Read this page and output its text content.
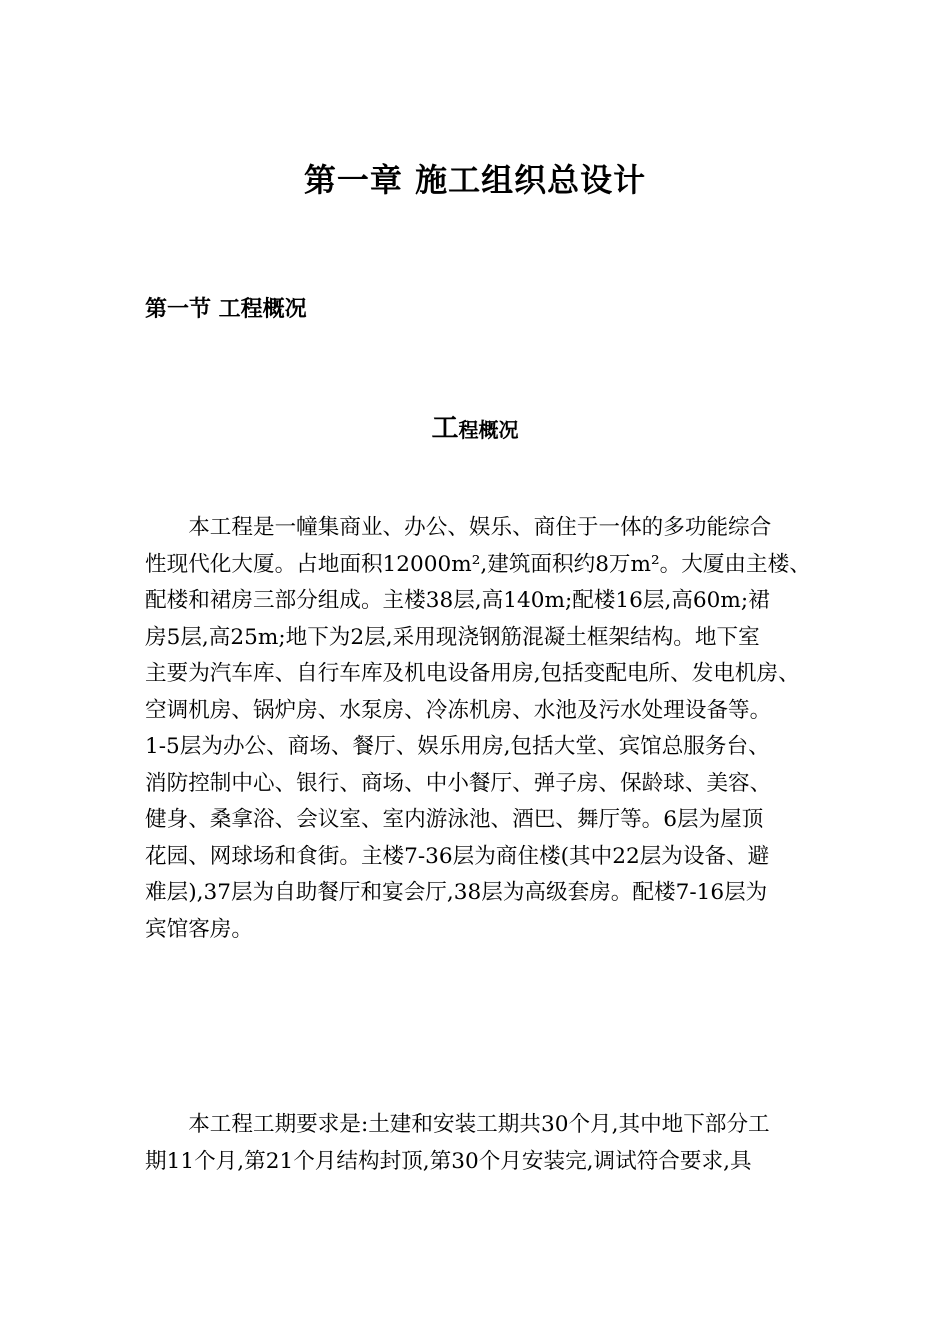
第一章 施工组织总设计
第一节 工程概况
工程概况
　　本工程是一幢集商业、办公、娱乐、商住于一体的多功能综合
性现代化大厦。占地面积12000m²,建筑面积约8万m²。大厦由主楼、
配楼和裙房三部分组成。主楼38层,高140m;配楼16层,高60m;裙
房5层,高25m;地下为2层,采用现浇钢筋混凝土框架结构。地下室
主要为汽车库、自行车库及机电设备用房,包括变配电所、发电机房、
空调机房、锅炉房、水泵房、冷冻机房、水池及污水处理设备等。
1-5层为办公、商场、餐厅、娱乐用房,包括大堂、宾馆总服务台、
消防控制中心、银行、商场、中小餐厅、弹子房、保龄球、美容、
健身、桑拿浴、会议室、室内游泳池、酒巴、舞厅等。6层为屋顶
花园、网球场和食街。主楼7-36层为商住楼(其中22层为设备、避
难层),37层为自助餐厅和宴会厅,38层为高级套房。配楼7-16层为
宾馆客房。
　　本工程工期要求是:土建和安装工期共30个月,其中地下部分工
期11个月,第21个月结构封顶,第30个月安装完,调试符合要求,具
